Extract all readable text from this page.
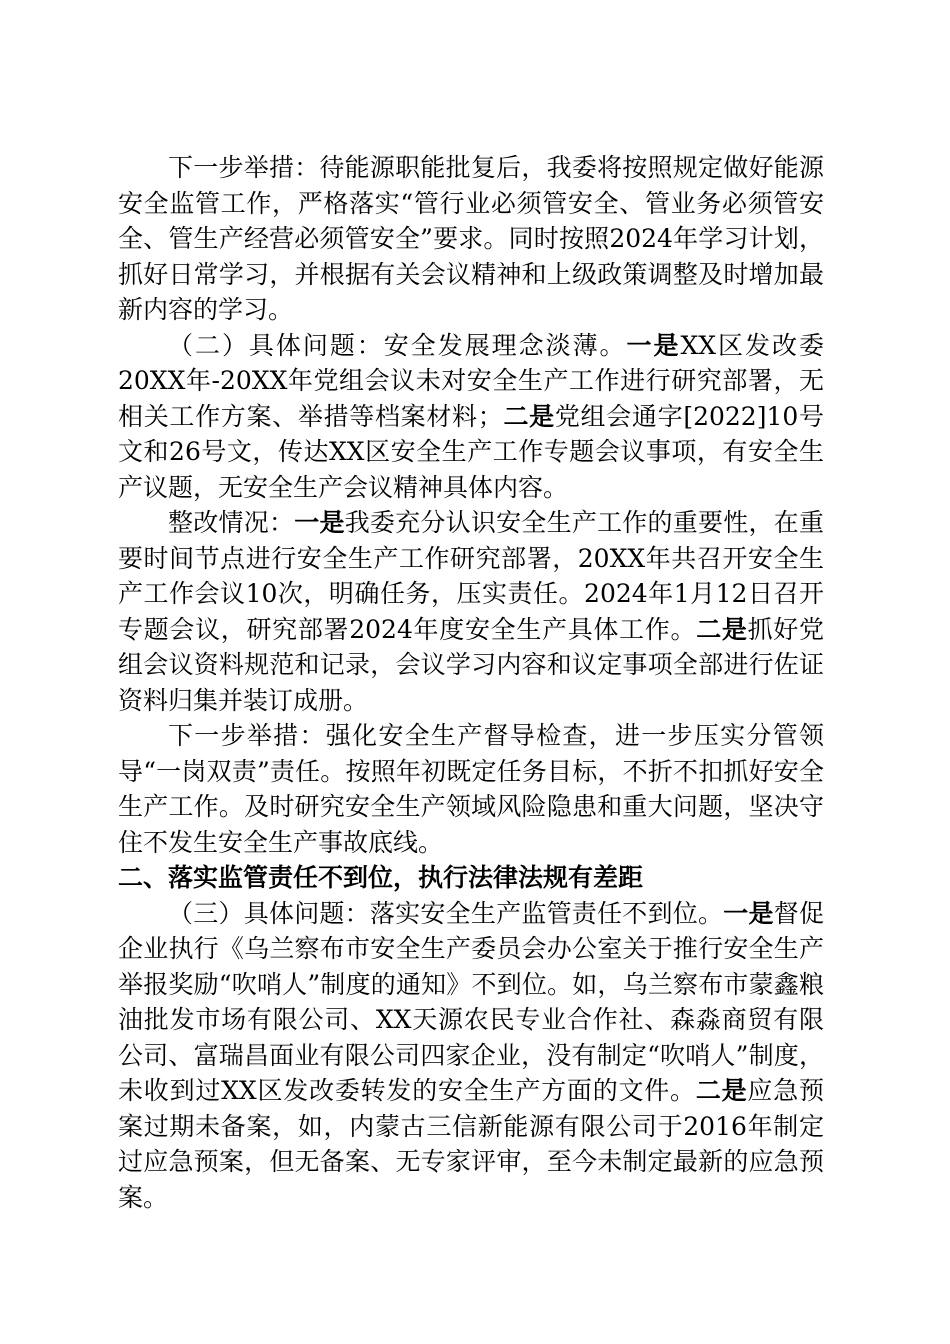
下一步举措：待能源职能批复后，我委将按照规定做好能源安全监管工作，严格落实“管行业必须管安全、管业务必须管安全、管生产经营必须管安全”要求。同时按照2024年学习计划，抓好日常学习，并根据有关会议精神和上级政策调整及时增加最新内容的学习。

（二）具体问题：安全发展理念淡薄。一是XX区发改委20XX年-20XX年党组会议未对安全生产工作进行研究部署，无相关工作方案、举措等档案材料；二是党组会通字[2022]10号文和26号文，传达XX区安全生产工作专题会议事项，有安全生产议题，无安全生产会议精神具体内容。

整改情况：一是我委充分认识安全生产工作的重要性，在重要时间节点进行安全生产工作研究部署，20XX年共召开安全生产工作会议10次，明确任务，压实责任。2024年1月12日召开专题会议，研究部署2024年度安全生产具体工作。二是抓好党组会议资料规范和记录，会议学习内容和议定事项全部进行佐证资料归集并装订成册。

下一步举措：强化安全生产督导检查，进一步压实分管领导“一岗双责”责任。按照年初既定任务目标，不折不扣抓好安全生产工作。及时研究安全生产领域风险隐患和重大问题，坚决守住不发生安全生产事故底线。

二、落实监管责任不到位，执行法律法规有差距

（三）具体问题：落实安全生产监管责任不到位。一是督促企业执行《乌兰察布市安全生产委员会办公室关于推行安全生产举报奖励“吹哨人”制度的通知》不到位。如，乌兰察布市蒙鑫粮油批发市场有限公司、XX天源农民专业合作社、森淼商贸有限公司、富瑞昌面业有限公司四家企业，没有制定“吹哨人”制度，未收到过XX区发改委转发的安全生产方面的文件。二是应急预案过期未备案，如，内蒙古三信新能源有限公司于2016年制定过应急预案，但无备案、无专家评审，至今未制定最新的应急预案。
